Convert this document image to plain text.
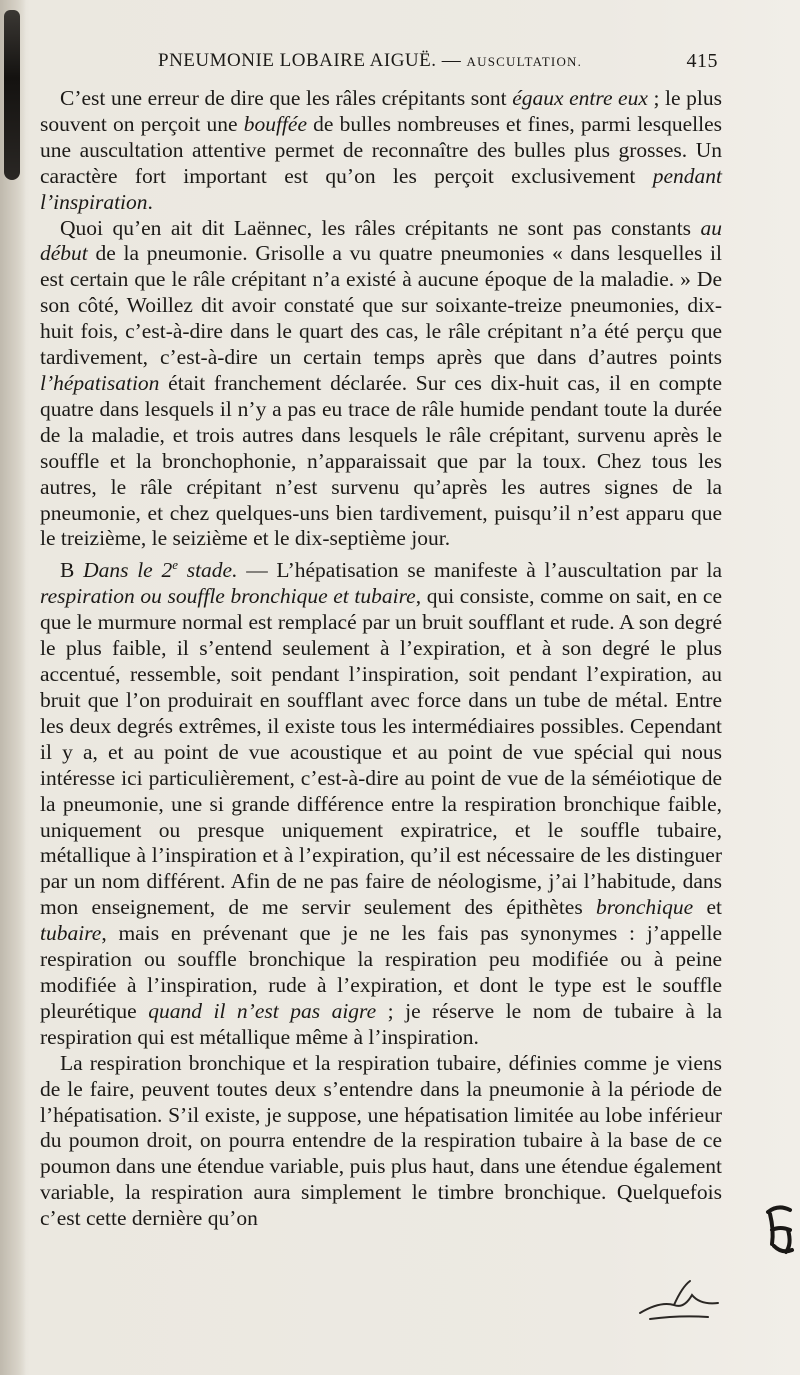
PNEUMONIE LOBAIRE AIGUË. — AUSCULTATION.	415

C’est une erreur de dire que les râles crépitants sont égaux entre eux ; le plus souvent on perçoit une bouffée de bulles nombreuses et fines, parmi lesquelles une auscultation attentive permet de reconnaître des bulles plus grosses. Un caractère fort important est qu’on les perçoit exclusivement pendant l’inspiration.

Quoi qu’en ait dit Laënnec, les râles crépitants ne sont pas constants au début de la pneumonie. Grisolle a vu quatre pneumonies « dans lesquelles il est certain que le râle crépitant n’a existé à aucune époque de la maladie. » De son côté, Woillez dit avoir constaté que sur soixante-treize pneumonies, dix-huit fois, c’est-à-dire dans le quart des cas, le râle crépitant n’a été perçu que tardivement, c’est-à-dire un certain temps après que dans d’autres points l’hépatisation était franchement déclarée. Sur ces dix-huit cas, il en compte quatre dans lesquels il n’y a pas eu trace de râle humide pendant toute la durée de la maladie, et trois autres dans lesquels le râle crépitant, survenu après le souffle et la bronchophonie, n’apparaissait que par la toux. Chez tous les autres, le râle crépitant n’est survenu qu’après les autres signes de la pneumonie, et chez quelques-uns bien tardivement, puisqu’il n’est apparu que le treizième, le seizième et le dix-septième jour.

B Dans le 2e stade. — L’hépatisation se manifeste à l’auscultation par la respiration ou souffle bronchique et tubaire, qui consiste, comme on sait, en ce que le murmure normal est remplacé par un bruit soufflant et rude. A son degré le plus faible, il s’entend seulement à l’expiration, et à son degré le plus accentué, ressemble, soit pendant l’inspiration, soit pendant l’expiration, au bruit que l’on produirait en soufflant avec force dans un tube de métal. Entre les deux degrés extrêmes, il existe tous les intermédiaires possibles. Cependant il y a, et au point de vue acoustique et au point de vue spécial qui nous intéresse ici particulièrement, c’est-à-dire au point de vue de la séméiotique de la pneumonie, une si grande différence entre la respiration bronchique faible, uniquement ou presque uniquement expiratrice, et le souffle tubaire, métallique à l’inspiration et à l’expiration, qu’il est nécessaire de les distinguer par un nom différent. Afin de ne pas faire de néologisme, j’ai l’habitude, dans mon enseignement, de me servir seulement des épithètes bronchique et tubaire, mais en prévenant que je ne les fais pas synonymes : j’appelle respiration ou souffle bronchique la respiration peu modifiée ou à peine modifiée à l’inspiration, rude à l’expiration, et dont le type est le souffle pleurétique quand il n’est pas aigre ; je réserve le nom de tubaire à la respiration qui est métallique même à l’inspiration.

La respiration bronchique et la respiration tubaire, définies comme je viens de le faire, peuvent toutes deux s’entendre dans la pneumonie à la période de l’hépatisation. S’il existe, je suppose, une hépatisation limitée au lobe inférieur du poumon droit, on pourra entendre de la respiration tubaire à la base de ce poumon dans une étendue variable, puis plus haut, dans une étendue également variable, la respiration aura simplement le timbre bronchique. Quelquefois c’est cette dernière qu’on
